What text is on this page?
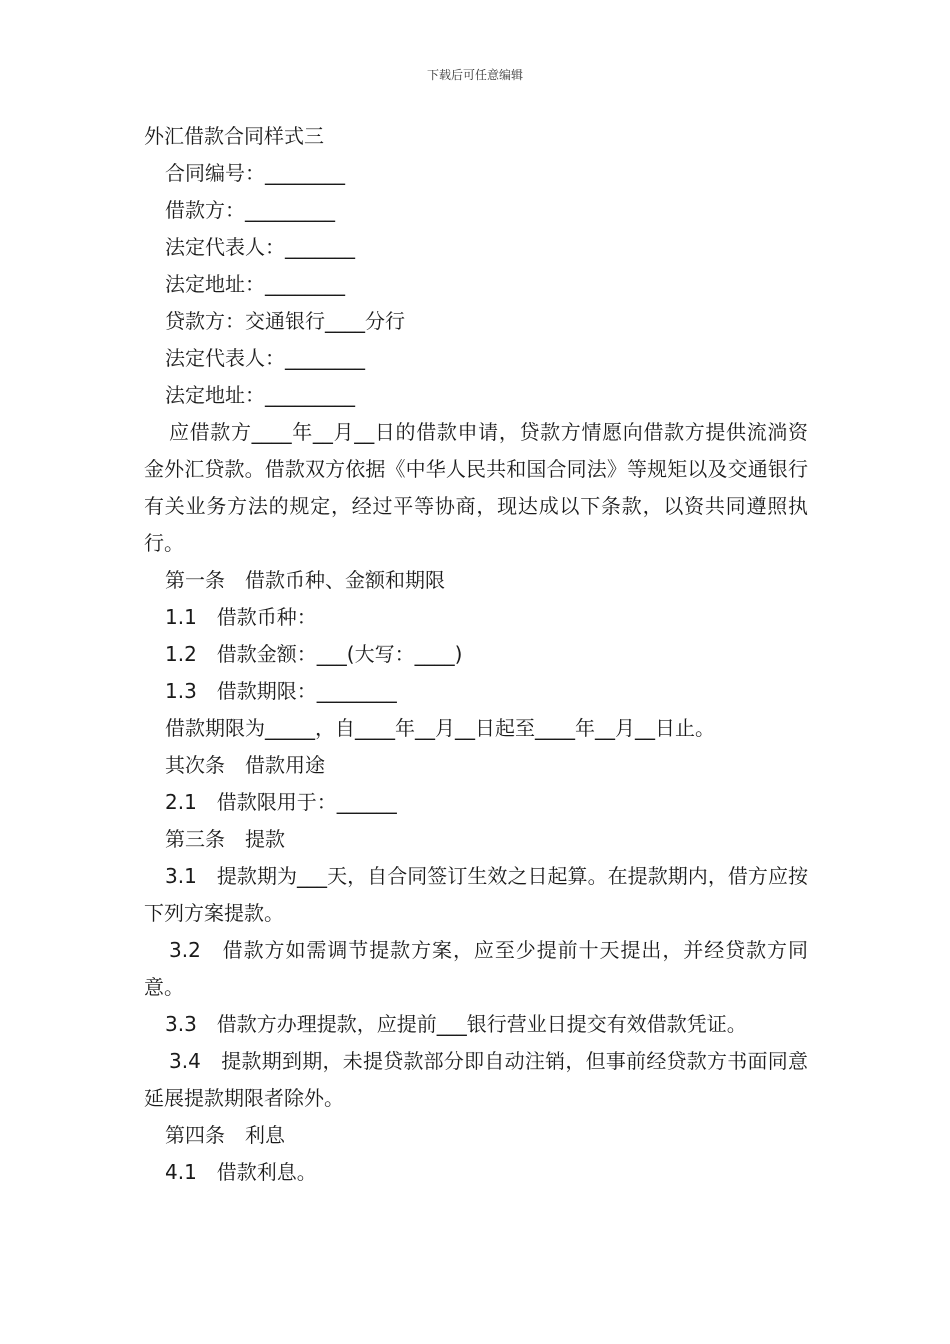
下载后可任意编辑
外汇借款合同样式三
合同编号：________
借款方：_________
法定代表人：_______
法定地址：________
贷款方：交通银行____分行
法定代表人：________
法定地址：_________
应借款方____年__月__日的借款申请，贷款方情愿向借款方提供流淌资金外汇贷款。借款双方依据《中华人民共和国合同法》等规矩以及交通银行有关业务方法的规定，经过平等协商，现达成以下条款，以资共同遵照执行。
第一条　借款币种、金额和期限
1.1　借款币种：
1.2　借款金额：___(大写：____)
1.3　借款期限：________
借款期限为_____，自____年__月__日起至____年__月__日止。
其次条　借款用途
2.1　借款限用于：______
第三条　提款
3.1　提款期为___天，自合同签订生效之日起算。在提款期内，借方应按下列方案提款。
3.2　借款方如需调节提款方案，应至少提前十天提出，并经贷款方同意。
3.3　借款方办理提款，应提前___银行营业日提交有效借款凭证。
3.4　提款期到期，未提贷款部分即自动注销，但事前经贷款方书面同意延展提款期限者除外。
第四条　利息
4.1　借款利息。
